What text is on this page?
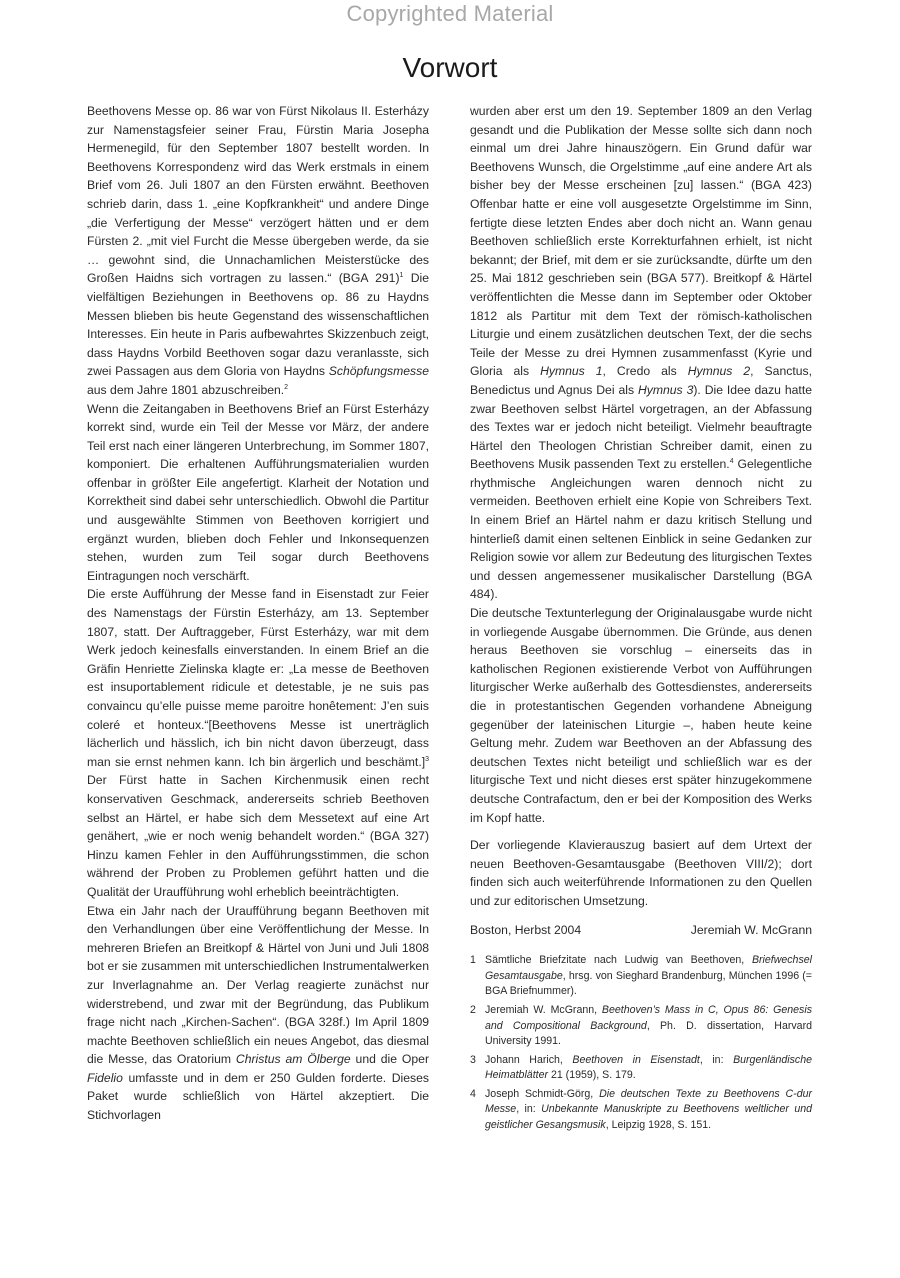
Copyrighted Material
Vorwort

Beethovens Messe op. 86 war von Fürst Nikolaus II. Esterházy zur Namenstagsfeier seiner Frau, Fürstin Maria Josepha Hermenegild, für den September 1807 bestellt worden. In Beethovens Korrespondenz wird das Werk erstmals in einem Brief vom 26. Juli 1807 an den Fürsten erwähnt. Beethoven schrieb darin, dass 1. „eine Kopfkrankheit“ und andere Dinge „die Verfertigung der Messe“ verzögert hätten und er dem Fürsten 2. „mit viel Furcht die Messe übergeben werde, da sie … gewohnt sind, die Unnachamlichen Meisterstücke des Großen Haidns sich vortragen zu lassen.“ (BGA 291)$^1$ Die vielfältigen Beziehungen in Beethovens op. 86 zu Haydns Messen blieben bis heute Gegenstand des wissenschaftlichen Interesses. Ein heute in Paris aufbewahrtes Skizzenbuch zeigt, dass Haydns Vorbild Beethoven sogar dazu veranlasste, sich zwei Passagen aus dem Gloria von Haydns Schöpfungsmesse aus dem Jahre 1801 abzuschreiben.$^2$

Wenn die Zeitangaben in Beethovens Brief an Fürst Esterházy korrekt sind, wurde ein Teil der Messe vor März, der andere Teil erst nach einer längeren Unterbrechung, im Sommer 1807, komponiert. Die erhaltenen Aufführungsmaterialien wurden offenbar in größter Eile angefertigt. Klarheit der Notation und Korrektheit sind dabei sehr unterschiedlich. Obwohl die Partitur und ausgewählte Stimmen von Beethoven korrigiert und ergänzt wurden, blieben doch Fehler und Inkonsequenzen stehen, wurden zum Teil sogar durch Beethovens Eintragungen noch verschärft.

Die erste Aufführung der Messe fand in Eisenstadt zur Feier des Namenstags der Fürstin Esterházy, am 13. September 1807, statt. Der Auftraggeber, Fürst Esterházy, war mit dem Werk jedoch keinesfalls einverstanden. In einem Brief an die Gräfin Henriette Zielinska klagte er: „La messe de Beethoven est insuportablement ridicule et detestable, je ne suis pas convaincu qu’elle puisse meme paroitre honêtement: J’en suis coleré et honteux.“[Beethovens Messe ist unerträglich lächerlich und hässlich, ich bin nicht davon überzeugt, dass man sie ernst nehmen kann. Ich bin ärgerlich und beschämt.]$^3$ Der Fürst hatte in Sachen Kirchenmusik einen recht konservativen Geschmack, andererseits schrieb Beethoven selbst an Härtel, er habe sich dem Messetext auf eine Art genähert, „wie er noch wenig behandelt worden.“ (BGA 327) Hinzu kamen Fehler in den Aufführungsstimmen, die schon während der Proben zu Problemen geführt hatten und die Qualität der Uraufführung wohl erheblich beeinträchtigten.

Etwa ein Jahr nach der Uraufführung begann Beethoven mit den Verhandlungen über eine Veröffentlichung der Messe. In mehreren Briefen an Breitkopf & Härtel von Juni und Juli 1808 bot er sie zusammen mit unterschiedlichen Instrumentalwerken zur Inverlagnahme an. Der Verlag reagierte zunächst nur widerstrebend, und zwar mit der Begründung, das Publikum frage nicht nach „Kirchen-Sachen“. (BGA 328f.) Im April 1809 machte Beethoven schließlich ein neues Angebot, das diesmal die Messe, das Oratorium Christus am Ölberge und die Oper Fidelio umfasste und in dem er 250 Gulden forderte. Dieses Paket wurde schließlich von Härtel akzeptiert. Die Stichvorlagen

wurden aber erst um den 19. September 1809 an den Verlag gesandt und die Publikation der Messe sollte sich dann noch einmal um drei Jahre hinauszögern. Ein Grund dafür war Beethovens Wunsch, die Orgelstimme „auf eine andere Art als bisher bey der Messe erscheinen [zu] lassen.“ (BGA 423) Offenbar hatte er eine voll ausgesetzte Orgelstimme im Sinn, fertigte diese letzten Endes aber doch nicht an. Wann genau Beethoven schließlich erste Korrekturfahnen erhielt, ist nicht bekannt; der Brief, mit dem er sie zurücksandte, dürfte um den 25. Mai 1812 geschrieben sein (BGA 577). Breitkopf & Härtel veröffentlichten die Messe dann im September oder Oktober 1812 als Partitur mit dem Text der römisch-katholischen Liturgie und einem zusätzlichen deutschen Text, der die sechs Teile der Messe zu drei Hymnen zusammenfasst (Kyrie und Gloria als Hymnus 1, Credo als Hymnus 2, Sanctus, Benedictus und Agnus Dei als Hymnus 3). Die Idee dazu hatte zwar Beethoven selbst Härtel vorgetragen, an der Abfassung des Textes war er jedoch nicht beteiligt. Vielmehr beauftragte Härtel den Theologen Christian Schreiber damit, einen zu Beethovens Musik passenden Text zu erstellen.$^4$ Gelegentliche rhythmische Angleichungen waren dennoch nicht zu vermeiden. Beethoven erhielt eine Kopie von Schreibers Text. In einem Brief an Härtel nahm er dazu kritisch Stellung und hinterließ damit einen seltenen Einblick in seine Gedanken zur Religion sowie vor allem zur Bedeutung des liturgischen Textes und dessen angemessener musikalischer Darstellung (BGA 484).

Die deutsche Textunterlegung der Originalausgabe wurde nicht in vorliegende Ausgabe übernommen. Die Gründe, aus denen heraus Beethoven sie vorschlug – einerseits das in katholischen Regionen existierende Verbot von Aufführungen liturgischer Werke außerhalb des Gottesdienstes, andererseits die in protestantischen Gegenden vorhandene Abneigung gegenüber der lateinischen Liturgie –, haben heute keine Geltung mehr. Zudem war Beethoven an der Abfassung des deutschen Textes nicht beteiligt und schließlich war es der liturgische Text und nicht dieses erst später hinzugekommene deutsche Contrafactum, den er bei der Komposition des Werks im Kopf hatte.

Der vorliegende Klavierauszug basiert auf dem Urtext der neuen Beethoven-Gesamtausgabe (Beethoven VIII/2); dort finden sich auch weiterführende Informationen zu den Quellen und zur editorischen Umsetzung.

Boston, Herbst 2004	Jeremiah W. McGrann
1 Sämtliche Briefzitate nach Ludwig van Beethoven, Briefwechsel Gesamtausgabe, hrsg. von Sieghard Brandenburg, München 1996 (= BGA Briefnummer).
2 Jeremiah W. McGrann, Beethoven’s Mass in C, Opus 86: Genesis and Compositional Background, Ph. D. dissertation, Harvard University 1991.
3 Johann Harich, Beethoven in Eisenstadt, in: Burgenländische Heimatblätter 21 (1959), S. 179.
4 Joseph Schmidt-Görg, Die deutschen Texte zu Beethovens C-dur Messe, in: Unbekannte Manuskripte zu Beethovens weltlicher und geistlicher Gesangsmusik, Leipzig 1928, S. 151.
